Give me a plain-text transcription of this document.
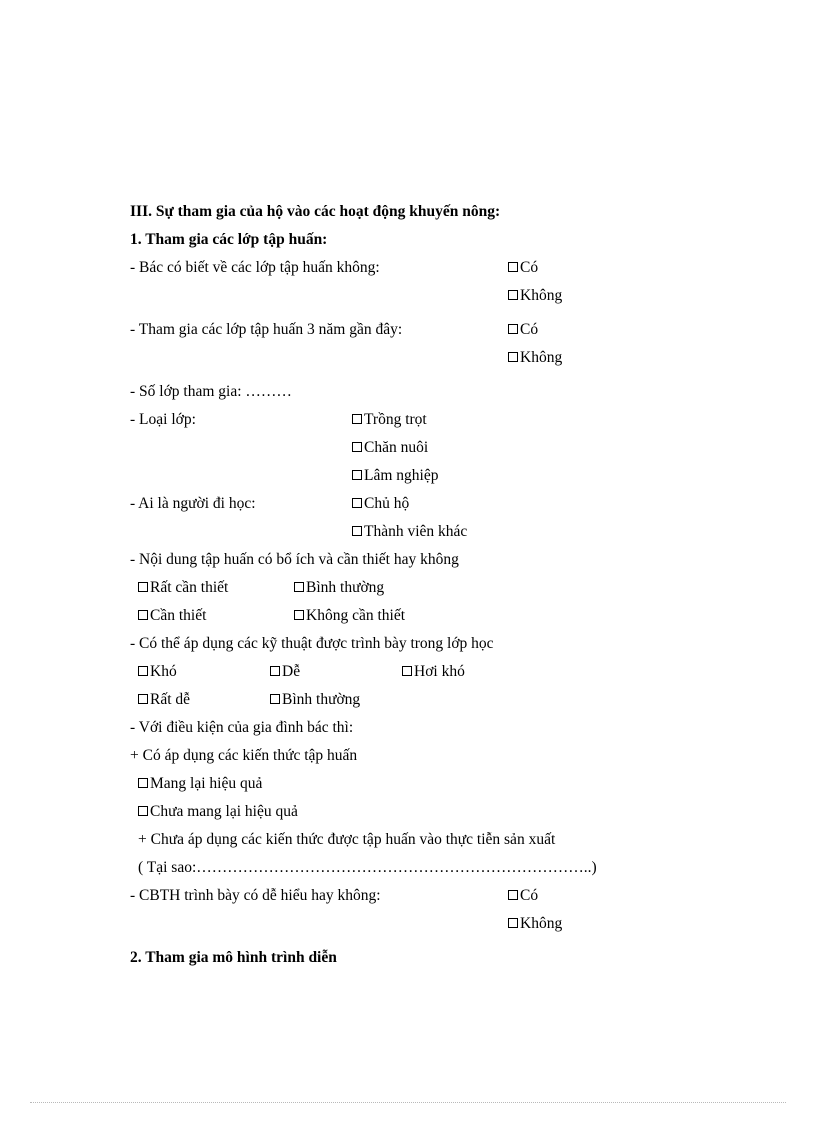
III. Sự tham gia của hộ vào các hoạt động khuyến nông:
1. Tham gia các lớp tập huấn:
- Bác có biết về các lớp tập huấn không:	Có

Không
- Tham gia các lớp tập huấn 3 năm gần đây:	Có

Không
- Số lớp tham gia: ………
- Loại lớp:	Trồng trọt

Chăn nuôi

Lâm nghiệp
- Ai là người đi học:	Chủ hộ

Thành viên khác
- Nội dung tập huấn có bổ ích và cần thiết hay không
Rất cần thiết	Bình thường
Cần thiết	Không cần thiết
- Có thể áp dụng các kỹ thuật được trình bày trong lớp học
Khó	Dễ	Hơi khó
Rất dễ	Bình thường
- Với điều kiện của gia đình bác thì:
+ Có áp dụng các kiến thức tập huấn
Mang lại hiệu quả
Chưa mang lại hiệu quả
+ Chưa áp dụng các kiến thức được tập huấn vào thực tiễn sản xuất
( Tại sao:…………………………………………………………………..)
- CBTH trình bày có dễ hiểu hay không:	Có

Không
2. Tham gia mô hình trình diễn
